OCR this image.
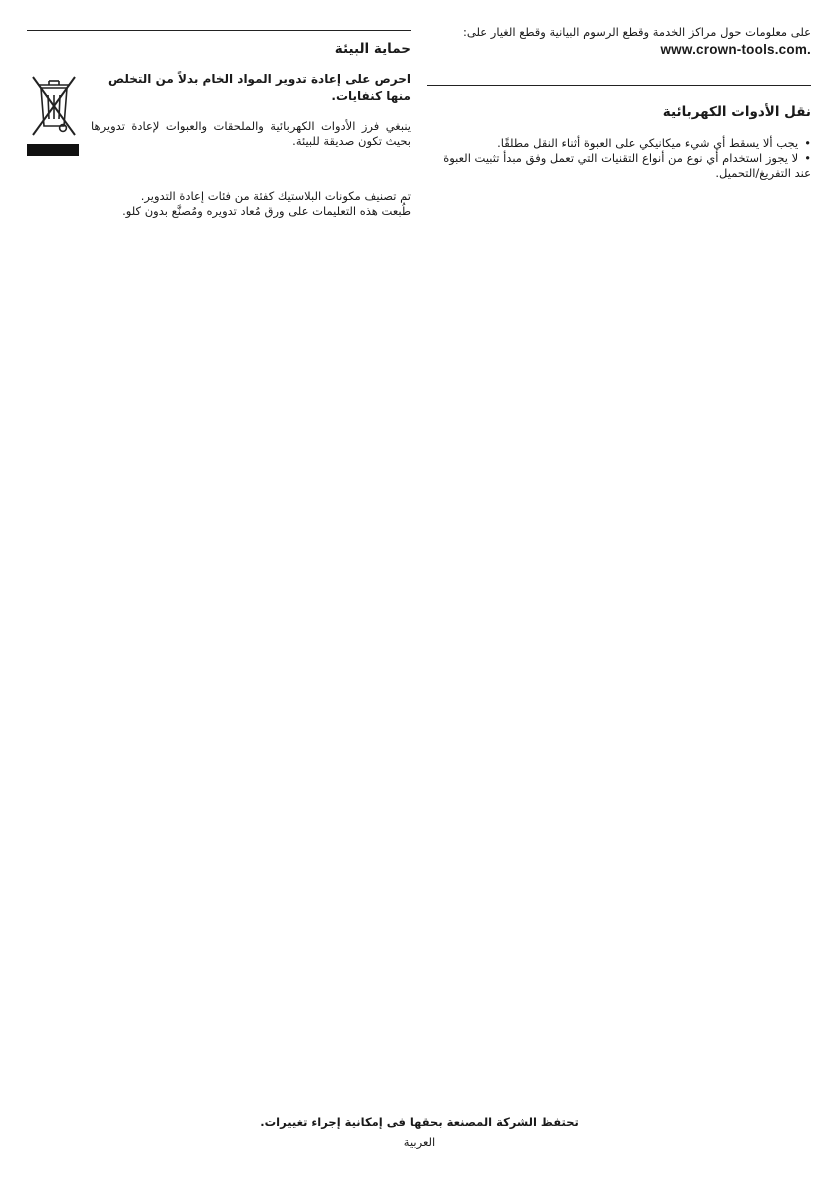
على معلومات حول مراكز الخدمة وقطع الرسوم البيانية وقطع الغيار على:

www.crown-tools.com.

نقل الأدوات الكهربائية
•يجب ألا يسقط أي شيء ميكانيكي على العبوة أثناء النقل مطلقًا.
•لا يجوز استخدام أي نوع من أنواع التقنيات التي تعمل وفق مبدأ تثبيت العبوة عند التفريغ/التحميل.
حماية البيئة

احرص على إعادة تدوير المواد الخام بدلاً من التخلص منها كنفايات.

ينبغي فرز الأدوات الكهربائية والملحقات والعبوات لإعادة تدويرها بحيث تكون صديقة للبيئة.

تم تصنيف مكونات البلاستيك كفئة من فئات إعادة التدوير.

طُبعت هذه التعليمات على ورق مُعاد تدويره ومُصنَّع بدون كلو.

تحتفظ الشركة المصنعة بحقها فى إمكانية إجراء تغييرات.

العربية
